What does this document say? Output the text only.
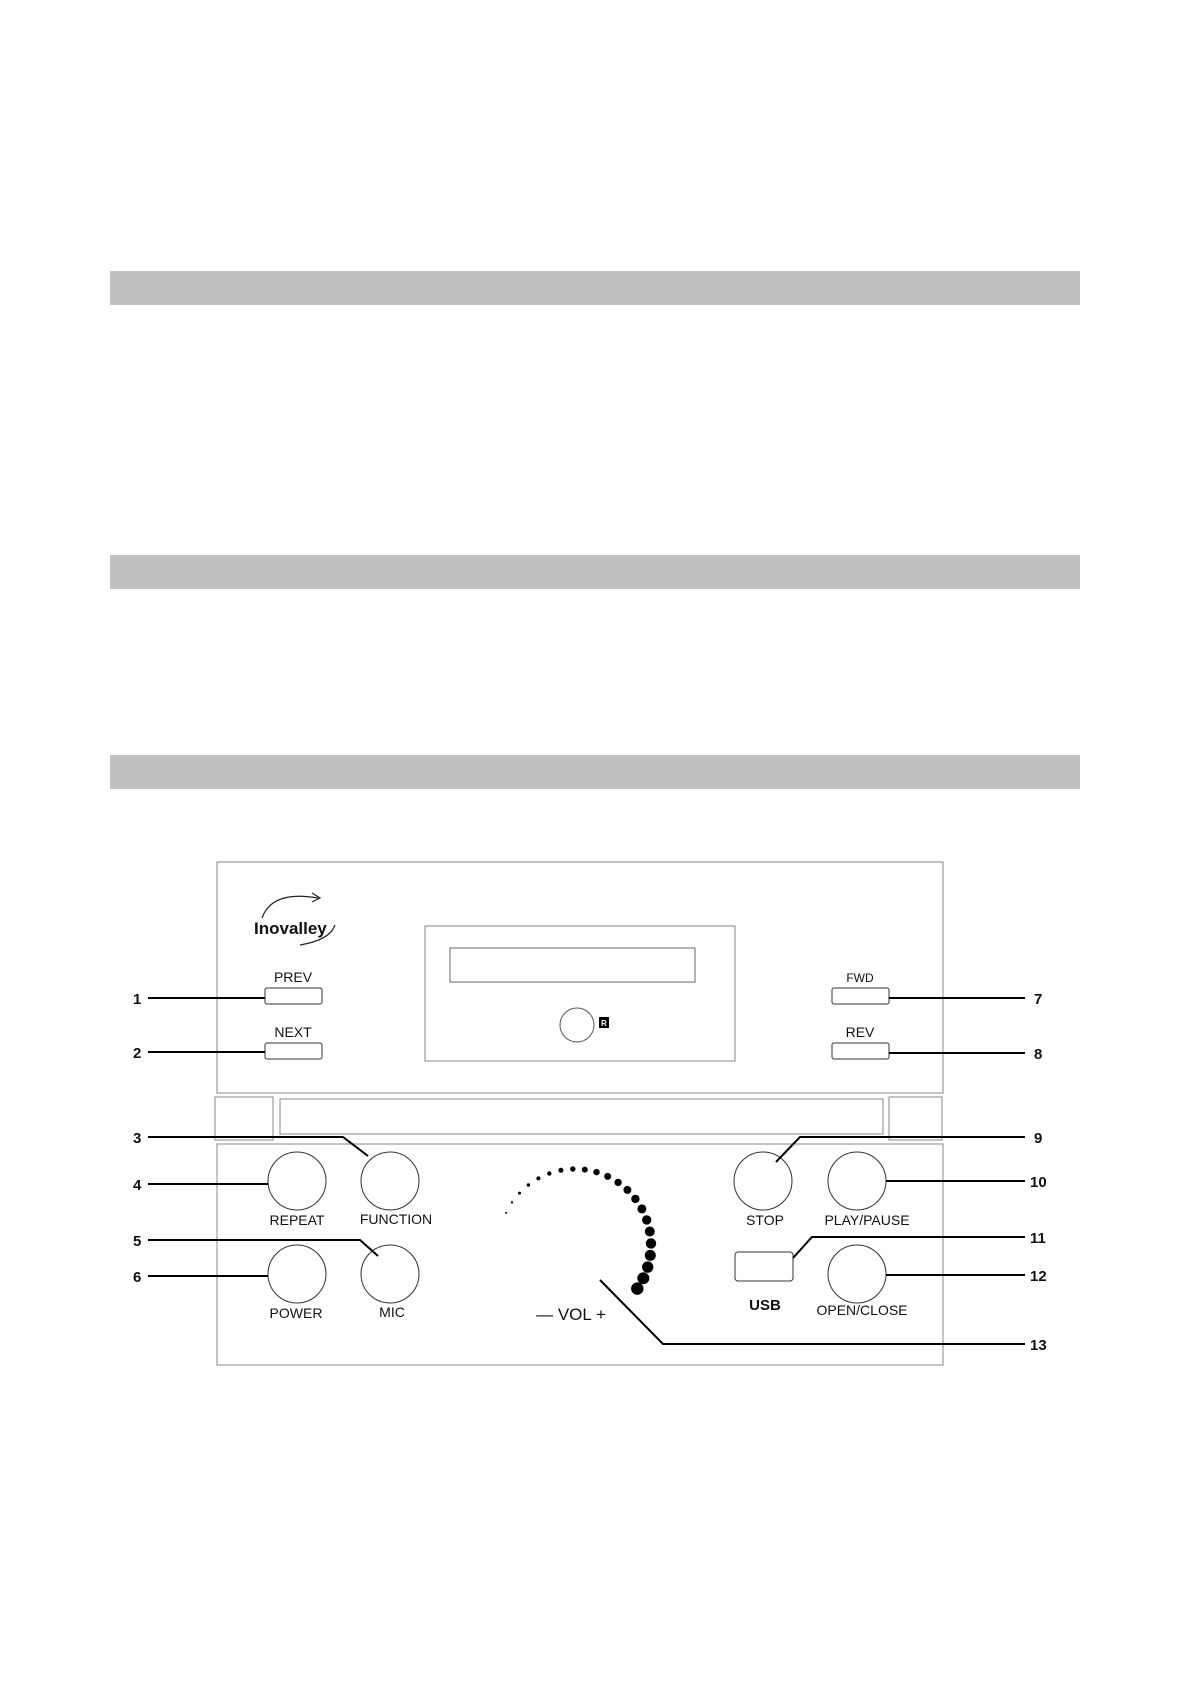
Inovalley
R
PREV
NEXT
FWD
REV
REPEAT	FUNCTION
POWER	MIC
STOP	PLAY/PAUSE
USB	OPEN/CLOSE
— VOL +
1
2
3
4
5
6
7
8
9
10
11
12
13
